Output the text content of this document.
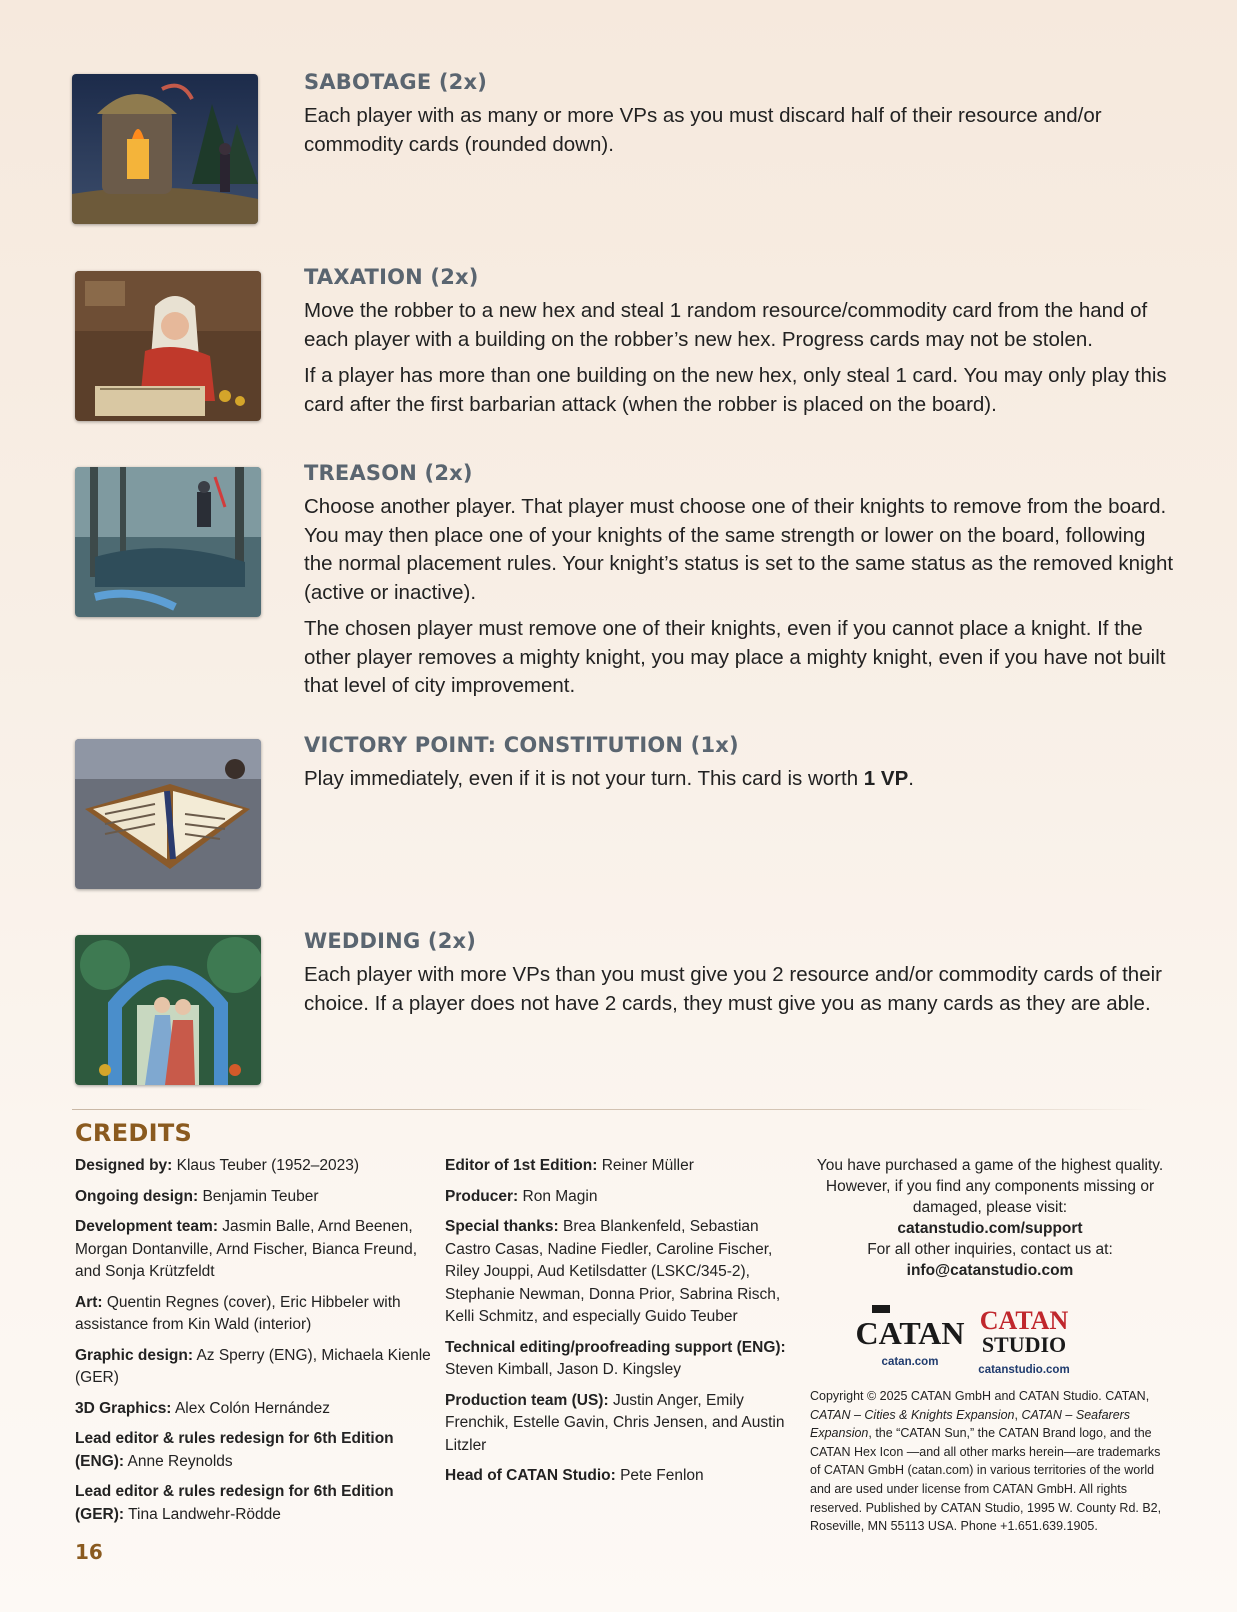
SABOTAGE (2x)

Each player with as many or more VPs as you must discard half of their resource and/or commodity cards (rounded down).

TAXATION (2x)

Move the robber to a new hex and steal 1 random resource/commodity card from the hand of each player with a building on the robber’s new hex. Progress cards may not be stolen.

If a player has more than one building on the new hex, only steal 1 card. You may only play this card after the first barbarian attack (when the robber is placed on the board).

TREASON (2x)

Choose another player. That player must choose one of their knights to remove from the board. You may then place one of your knights of the same strength or lower on the board, following the normal placement rules. Your knight’s status is set to the same status as the removed knight (active or inactive).

The chosen player must remove one of their knights, even if you cannot place a knight. If the other player removes a mighty knight, you may place a mighty knight, even if you have not built that level of city improvement.

VICTORY POINT: CONSTITUTION (1x)

Play immediately, even if it is not your turn. This card is worth 1 VP.

WEDDING (2x)

Each player with more VPs than you must give you 2 resource and/or commodity cards of their choice. If a player does not have 2 cards, they must give you as many cards as they are able.

CREDITS
Designed by: Klaus Teuber (1952–2023)
Ongoing design: Benjamin Teuber
Development team: Jasmin Balle, Arnd Beenen, Morgan Dontanville, Arnd Fischer, Bianca Freund, and Sonja Krützfeldt
Art: Quentin Regnes (cover), Eric Hibbeler with assistance from Kin Wald (interior)
Graphic design: Az Sperry (ENG), Michaela Kienle (GER)
3D Graphics: Alex Colón Hernández
Lead editor & rules redesign for 6th Edition (ENG): Anne Reynolds
Lead editor & rules redesign for 6th Edition (GER): Tina Landwehr-Rödde
Editor of 1st Edition: Reiner Müller
Producer: Ron Magin
Special thanks: Brea Blankenfeld, Sebastian Castro Casas, Nadine Fiedler, Caroline Fischer, Riley Jouppi, Aud Ketilsdatter (LSKC/345-2), Stephanie Newman, Donna Prior, Sabrina Risch, Kelli Schmitz, and especially Guido Teuber
Technical editing/proofreading support (ENG): Steven Kimball, Jason D. Kingsley
Production team (US): Justin Anger, Emily Frenchik, Estelle Gavin, Chris Jensen, and Austin Litzler
Head of CATAN Studio: Pete Fenlon
You have purchased a game of the highest quality. However, if you find any components missing or damaged, please visit:
catanstudio.com/support
For all other inquiries, contact us at:
info@catanstudio.com
CATAN
catan.com
CATAN
STUDIO
catanstudio.com
Copyright © 2025 CATAN GmbH and CATAN Studio. CATAN, CATAN – Cities & Knights Expansion, CATAN – Seafarers Expansion, the “CATAN Sun,” the CATAN Brand logo, and the CATAN Hex Icon —and all other marks herein—are trademarks of CATAN GmbH (catan.com) in various territories of the world and are used under license from CATAN GmbH. All rights reserved. Published by CATAN Studio, 1995 W. County Rd. B2, Roseville, MN 55113 USA. Phone +1.651.639.1905.
16
